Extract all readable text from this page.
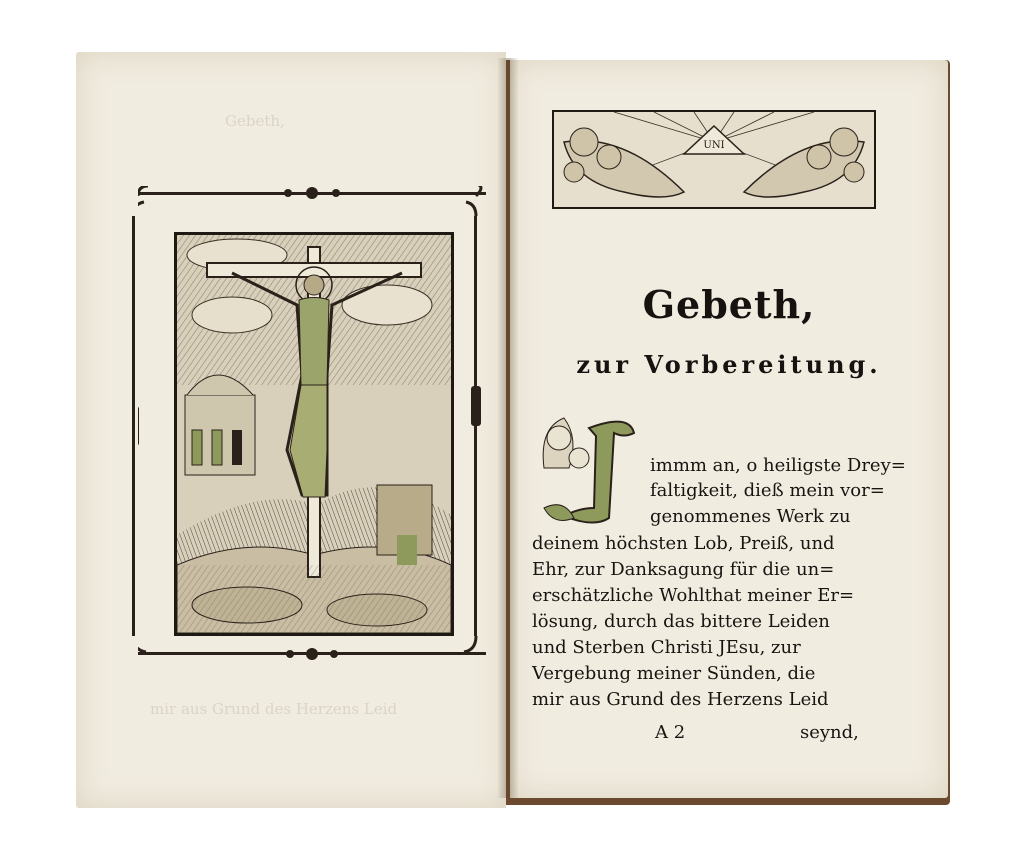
Gebeth,
mir aus Grund des Herzens Leid
UNI
Gebeth,
zur Vorbereitung.
immm an, o heiligste Drey=
faltigkeit, dieß mein vor=
genommenes Werk zu
deinem höchsten Lob, Preiß, und
Ehr, zur Danksagung für die un=
erschätzliche Wohlthat meiner Er=
lösung, durch das bittere Leiden
und Sterben Christi JEsu, zur
Vergebung meiner Sünden, die
mir aus Grund des Herzens Leid
A 2	seynd,
